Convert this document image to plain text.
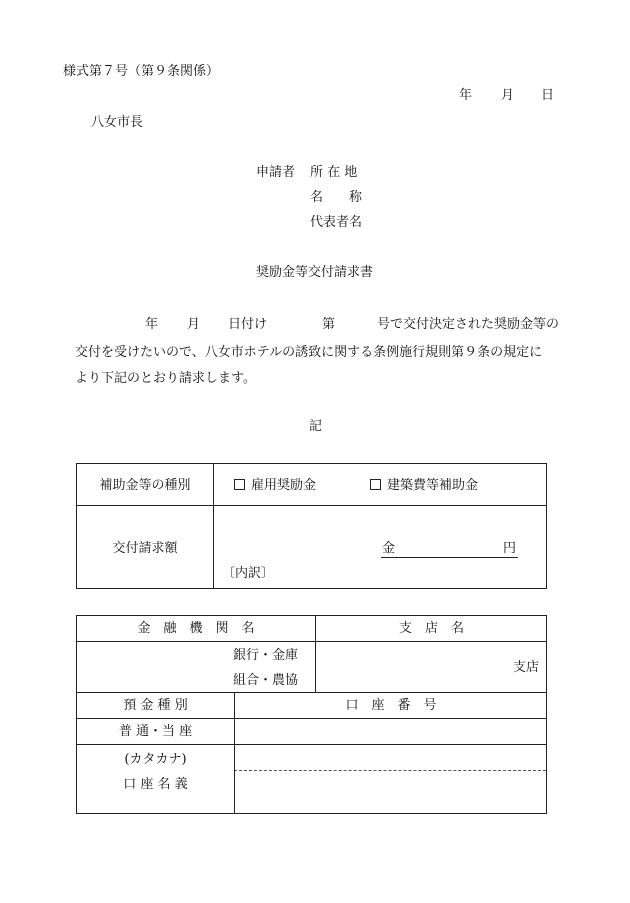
様式第７号（第９条関係）
年 月 日
八女市長
申請者 所 在 地
名　　称
代表者名
奨励金等交付請求書
年 月 日付け	第	号で交付決定された奨励金等の
交付を受けたいので、八女市ホテルの誘致に関する条例施行規則第９条の規定に
より下記のとおり請求します。
記
補助金等の種別	雇用奨励金	建築費等補助金
交付請求額	金	円
〔内訳〕
金　融　機　関　名	支　店　名
銀行・金庫
組合・農協
支店
預 金 種 別	口　座　番　号
普 通・当 座
(カタカナ)
口 座 名 義
